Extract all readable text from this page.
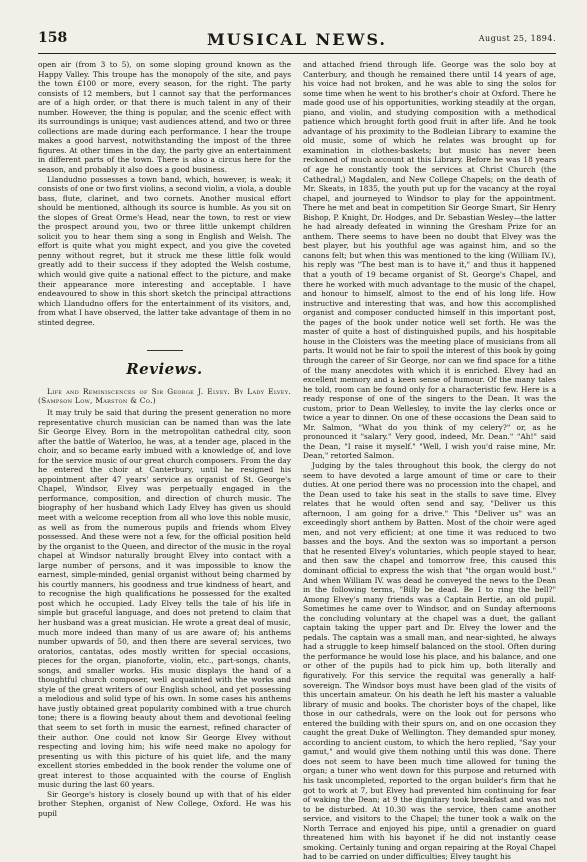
158	MUSICAL NEWS.	August 25, 1894.

open air (from 3 to 5), on some sloping ground known as the Happy Valley. This troupe has the monopoly of the site, and pays the town £100 or more, every season, for the right. The party consists of 12 members, but I cannot say that the performances are of a high order, or that there is much talent in any of their number. However, the thing is popular, and the scenic effect with its surroundings is unique; vast audiences attend, and two or three collections are made during each performance. I hear the troupe makes a good harvest, notwithstanding the impost of the three figures. At other times in the day, the party give an entertainment in different parts of the town. There is also a circus here for the season, and probably it also does a good business.

Llandudno possesses a town band, which, however, is weak; it consists of one or two first violins, a second violin, a viola, a double bass, flute, clarinet, and two cornets. Another musical effort should be mentioned, although its source is humble. As you sit on the slopes of Great Orme's Head, near the town, to rest or view the prospect around you, two or three little unkempt children solicit you to hear them sing a song in English and Welsh. The effort is quite what you might expect, and you give the coveted penny without regret, but it struck me these little folk would greatly add to their success if they adopted the Welsh costume, which would give quite a national effect to the picture, and make their appearance more interesting and acceptable. I have endeavoured to show in this short sketch the principal attractions which Llandudno offers for the entertainment of its visitors, and, from what I have observed, the latter take advantage of them in no stinted degree.

Reviews.

Life and Reminiscences of Sir George J. Elvey. By Lady Elvey. (Sampson Low, Marston & Co.)

It may truly be said that during the present generation no more representative church musician can be named than was the late Sir George Elvey. Born in the metropolitan cathedral city, soon after the battle of Waterloo, he was, at a tender age, placed in the choir, and so became early imbued with a knowledge of, and love for the service music of our great church composers. From the day he entered the choir at Canterbury, until he resigned his appointment after 47 years' service as organist of St. George's Chapel, Windsor, Elvey was perpetually engaged in the performance, composition, and direction of church music. The biography of her husband which Lady Elvey has given us should meet with a welcome reception from all who love this noble music, as well as from the numerous pupils and friends whom Elvey possessed. And these were not a few, for the official position held by the organist to the Queen, and director of the music in the royal chapel at Windsor naturally brought Elvey into contact with a large number of persons, and it was impossible to know the earnest, simple-minded, genial organist without being charmed by his courtly manners, his goodness and true kindness of heart, and to recognise the high qualifications he possessed for the exalted post which he occupied. Lady Elvey tells the tale of his life in simple but graceful language, and does not pretend to claim that her husband was a great musician. He wrote a great deal of music, much more indeed than many of us are aware of; his anthems number upwards of 50, and then there are several services, two oratorios, cantatas, odes mostly written for special occasions, pieces for the organ, pianoforte, violin, etc., part-songs, chants, songs, and smaller works. His music displays the hand of a thoughtful church composer, well acquainted with the works and style of the great writers of our English school, and yet possessing a melodious and solid type of his own. In some cases his anthems have justly obtained great popularity combined with a true church tone; there is a flowing beauty about them and devotional feeling that seem to set forth in music the earnest, refined character of their author. One could not know Sir George Elvey without respecting and loving him; his wife need make no apology for presenting us with this picture of his quiet life, and the many excellent stories embedded in the book render the volume one of great interest to those acquainted with the course of English music during the last 60 years.

Sir George's history is closely bound up with that of his elder brother Stephen, organist of New College, Oxford. He was his pupil

and attached friend through life. George was the solo boy at Canterbury, and though he remained there until 14 years of age, his voice had not broken, and he was able to sing the solos for some time when he went to his brother's choir at Oxford. There he made good use of his opportunities, working steadily at the organ, piano, and violin, and studying composition with a methodical patience which brought forth good fruit in after life. And he took advantage of his proximity to the Bodleian Library to examine the old music, some of which he relates was brought up for examination in clothes-baskets; but music has never been reckoned of much account at this Library. Before he was 18 years of age he constantly took the services at Christ Church (the Cathedral,) Magdalen, and New College Chapels; on the death of Mr. Skeats, in 1835, the youth put up for the vacancy at the royal chapel, and journeyed to Windsor to play for the appointment. There he met and beat in competition Sir George Smart, Sir Henry Bishop, P. Knight, Dr. Hodges, and Dr. Sebastian Wesley—the latter he had already defeated in winning the Gresham Prize for an anthem. There seems to have been no doubt that Elvey was the best player, but his youthful age was against him, and so the canons felt; but when this was mentioned to the king (William IV.), his reply was "The best man is to have it," and thus it happened that a youth of 19 became organist of St. George's Chapel, and there he worked with much advantage to the music of the chapel, and honour to himself, almost to the end of his long life. How instructive and interesting that was, and how this accomplished organist and composer conducted himself in this important post, the pages of the book under notice well set forth. He was the master of quite a host of distinguished pupils, and his hospitable house in the Cloisters was the meeting place of musicians from all parts. It would not be fair to spoil the interest of this book by going through the career of Sir George, nor can we find space for a tithe of the many anecdotes with which it is enriched. Elvey had an excellent memory and a keen sense of humour. Of the many tales he told, room can be found only for a characteristic few. Here is a ready response of one of the singers to the Dean. It was the custom, prior to Dean Wellesley, to invite the lay clerks once or twice a year to dinner. On one of these occasions the Dean said to Mr. Salmon, "What do you think of my celery?" or, as he pronounced it "salary." Very good, indeed, Mr. Dean." "Ah!" said the Dean, "I raise it myself." "Well, I wish you'd raise mine, Mr. Dean," retorted Salmon.

Judging by the tales throughout this book, the clergy do not seem to have devoted a large amount of time or care to their duties. At one period there was no procession into the chapel, and the Dean used to take his seat in the stalls to save time. Elvey relates that he would often send and say, "Deliver us this afternoon, I am going for a drive." This "Deliver us" was an exceedingly short anthem by Batten. Most of the choir were aged men, and not very efficient; at one time it was reduced to two basses and the boys. And the sexton was so important a person that he resented Elvey's voluntaries, which people stayed to hear, and then saw the chapel and tomorrow free, this caused this dominant official to express the wish that "the organ would bust." And when William IV. was dead he conveyed the news to the Dean in the following terms, "Billy be dead. Be I to ring the bell?" Among Elvey's many friends was a Captain Bertie, an old pupil. Sometimes he came over to Windsor, and on Sunday afternoons the concluding voluntary at the chapel was a duet, the gallant captain taking the upper part and Dr. Elvey the lower and the pedals. The captain was a small man, and near-sighted, he always had a struggle to keep himself balanced on the stool. Often during the performance he would lose his place, and his balance, and one or other of the pupils had to pick him up, both literally and figuratively. For this service the requital was generally a half-sovereign. The Windsor boys must have been glad of the visits of this uncertain amateur. On his death he left his master a valuable library of music and books. The chorister boys of the chapel, like those in our cathedrals, were on the look out for persons who entered the building with their spurs on, and on one occasion they caught the great Duke of Wellington. They demanded spur money, according to ancient custom, to which the hero replied, "Say your gamut," and would give them nothing until this was done. There does not seem to have been much time allowed for tuning the organ; a tuner who went down for this purpose and returned with his task uncompleted, reported to the organ builder's firm that he got to work at 7, but Elvey had prevented him continuing for fear of waking the Dean; at 9 the dignitary took breakfast and was not to be disturbed. At 10.30 was the service, then came another service, and visitors to the Chapel; the tuner took a walk on the North Terrace and enjoyed his pipe, until a grenadier on guard threatened him with his bayonet if he did not instantly cease smoking. Certainly tuning and organ repairing at the Royal Chapel had to be carried on under difficulties; Elvey taught his
